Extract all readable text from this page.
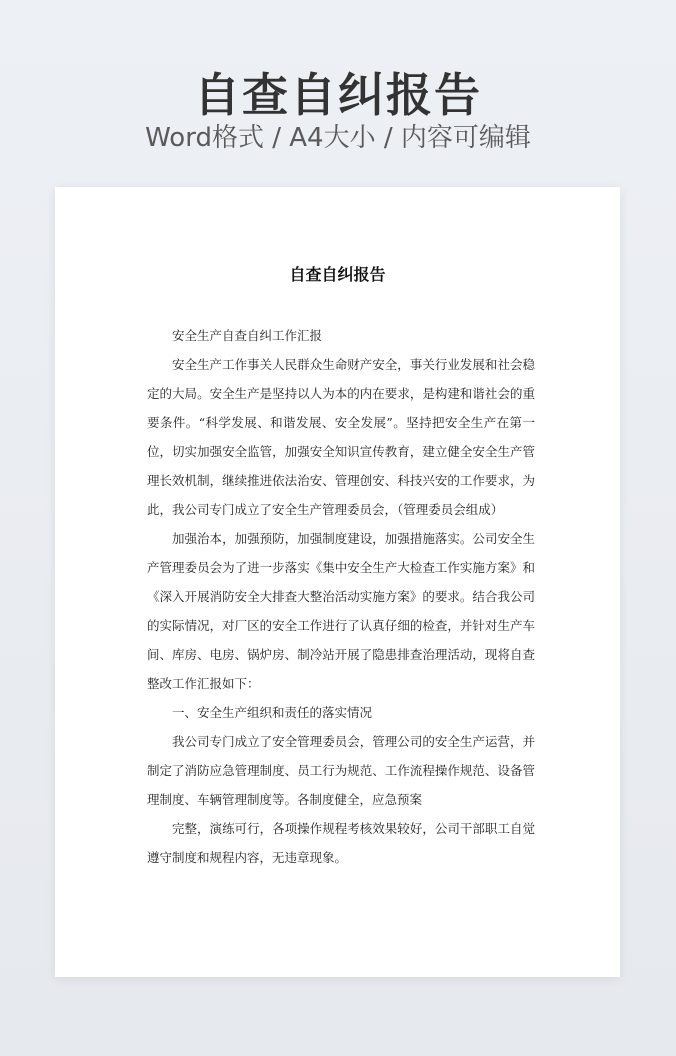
自查自纠报告
Word格式 / A4大小 / 内容可编辑
自查自纠报告

安全生产自查自纠工作汇报

安全生产工作事关人民群众生命财产安全，事关行业发展和社会稳定的大局。安全生产是坚持以人为本的内在要求，是构建和谐社会的重要条件。“科学发展、和谐发展、安全发展”。坚持把安全生产在第一位，切实加强安全监管，加强安全知识宣传教育，建立健全安全生产管理长效机制，继续推进依法治安、管理创安、科技兴安的工作要求，为此，我公司专门成立了安全生产管理委员会，（管理委员会组成）

加强治本，加强预防，加强制度建设，加强措施落实。公司安全生产管理委员会为了进一步落实《集中安全生产大检查工作实施方案》和《深入开展消防安全大排查大整治活动实施方案》的要求。结合我公司的实际情况，对厂区的安全工作进行了认真仔细的检查，并针对生产车间、库房、电房、锅炉房、制冷站开展了隐患排查治理活动，现将自查整改工作汇报如下：

一、安全生产组织和责任的落实情况

我公司专门成立了安全管理委员会，管理公司的安全生产运营，并制定了消防应急管理制度、员工行为规范、工作流程操作规范、设备管理制度、车辆管理制度等。各制度健全，应急预案

完整，演练可行，各项操作规程考核效果较好，公司干部职工自觉遵守制度和规程内容，无违章现象。
